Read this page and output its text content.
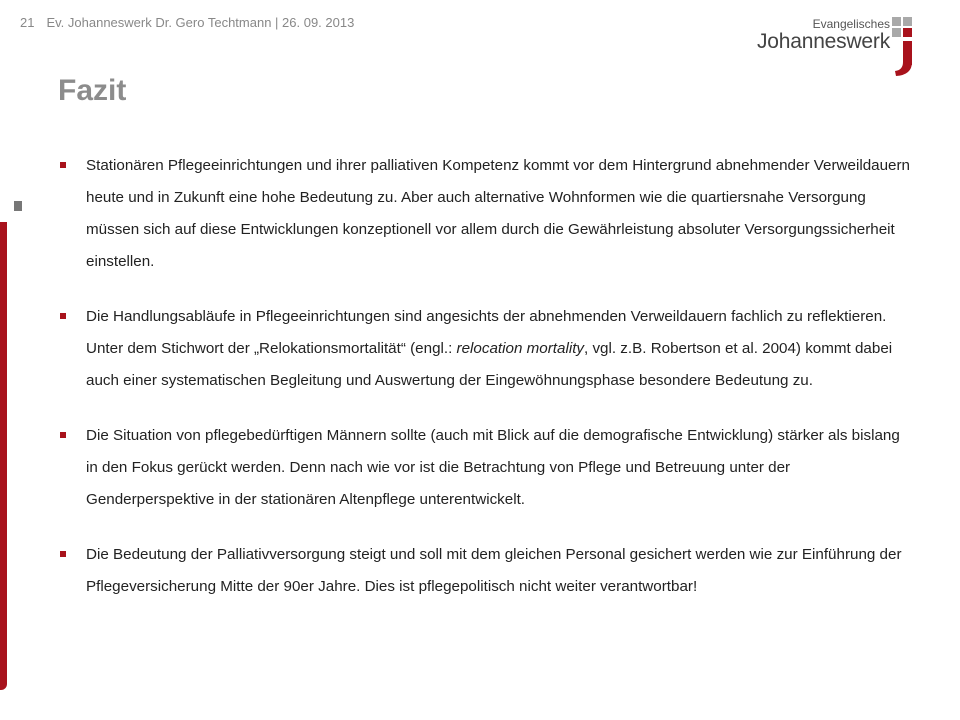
21 Ev. Johanneswerk Dr. Gero Techtmann | 26. 09. 2013	Evangelisches
Johanneswerk
Fazit
Stationären Pflegeeinrichtungen und ihrer palliativen Kompetenz kommt vor dem Hintergrund abnehmender Verweildauern heute und in Zukunft eine hohe Bedeutung zu. Aber auch alternative Wohnformen wie die quartiersnahe Versorgung müssen sich auf diese Entwicklungen konzeptionell vor allem durch die Gewährleistung absoluter Versorgungssicherheit einstellen.
Die Handlungsabläufe in Pflegeeinrichtungen sind angesichts der abnehmenden Verweildauern fachlich zu reflektieren. Unter dem Stichwort der „Relokationsmortalität“ (engl.: relocation mortality, vgl. z.B. Robertson et al. 2004) kommt dabei auch einer systematischen Begleitung und Auswertung der Eingewöhnungsphase besondere Bedeutung zu.
Die Situation von pflegebedürftigen Männern sollte (auch mit Blick auf die demografische Entwicklung) stärker als bislang in den Fokus gerückt werden. Denn nach wie vor ist die Betrachtung von Pflege und Betreuung unter der Genderperspektive in der stationären Altenpflege unterentwickelt.
Die Bedeutung der Palliativversorgung steigt und soll mit dem gleichen Personal gesichert werden wie zur Einführung der Pflegeversicherung Mitte der 90er Jahre. Dies ist pflegepolitisch nicht weiter verantwortbar!
